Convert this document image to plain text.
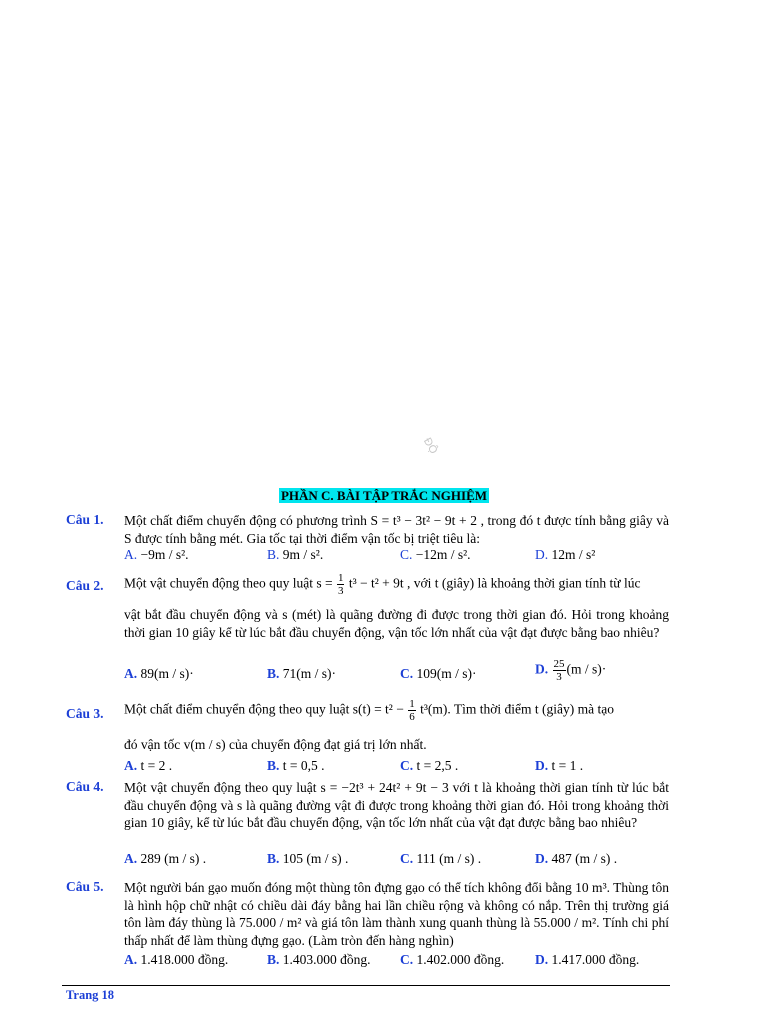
ĐỘ
PHẦN C. BÀI TẬP TRẮC NGHIỆM
Câu 1. Một chất điểm chuyển động có phương trình S = t³ − 3t² − 9t + 2 , trong đó t được tính bằng giây và S được tính bằng mét. Gia tốc tại thời điểm vận tốc bị triệt tiêu là:
A. −9m / s².	B. 9m / s².	C. −12m / s².	D. 12m / s²
Câu 2. Một vật chuyển động theo quy luật $s = \frac{1}{3} t^3 - t^2 + 9t$ , với t (giây) là khoảng thời gian tính từ lúc
vật bắt đầu chuyển động và s (mét) là quãng đường đi được trong thời gian đó. Hỏi trong khoảng thời gian 10 giây kể từ lúc bắt đầu chuyển động, vận tốc lớn nhất của vật đạt được bằng bao nhiêu?
A. 89(m / s)·	B. 71(m / s)·	C. 109(m / s)·	D. $\frac{25}{3} (m / s)\cdot$
Câu 3. Một chất điểm chuyển động theo quy luật $s(t) = t^2 - \frac{1}{6} t^3(m)$. Tìm thời điểm t (giây) mà tạo
đó vận tốc v(m / s) của chuyển động đạt giá trị lớn nhất.
A. t = 2 .	B. t = 0,5 .	C. t = 2,5 .	D. t = 1 .
Câu 4. Một vật chuyển động theo quy luật s = −2t³ + 24t² + 9t − 3 với t là khoảng thời gian tính từ lúc bắt đầu chuyển động và s là quãng đường vật đi được trong khoảng thời gian đó. Hỏi trong khoảng thời gian 10 giây, kể từ lúc bắt đầu chuyển động, vận tốc lớn nhất của vật đạt được bằng bao nhiêu?
A. 289 (m / s) .	B. 105 (m / s) .	C. 111 (m / s) .	D. 487 (m / s) .
Câu 5. Một người bán gạo muốn đóng một thùng tôn đựng gạo có thể tích không đổi bằng 10 m³. Thùng tôn là hình hộp chữ nhật có chiều dài đáy bằng hai lần chiều rộng và không có nắp. Trên thị trường giá tôn làm đáy thùng là 75.000 / m² và giá tôn làm thành xung quanh thùng là 55.000 / m². Tính chi phí thấp nhất để làm thùng đựng gạo. (Làm tròn đến hàng nghìn)
A. 1.418.000 đồng.	B. 1.403.000 đồng. C. 1.402.000 đồng. D. 1.417.000 đồng.
Trang 18
